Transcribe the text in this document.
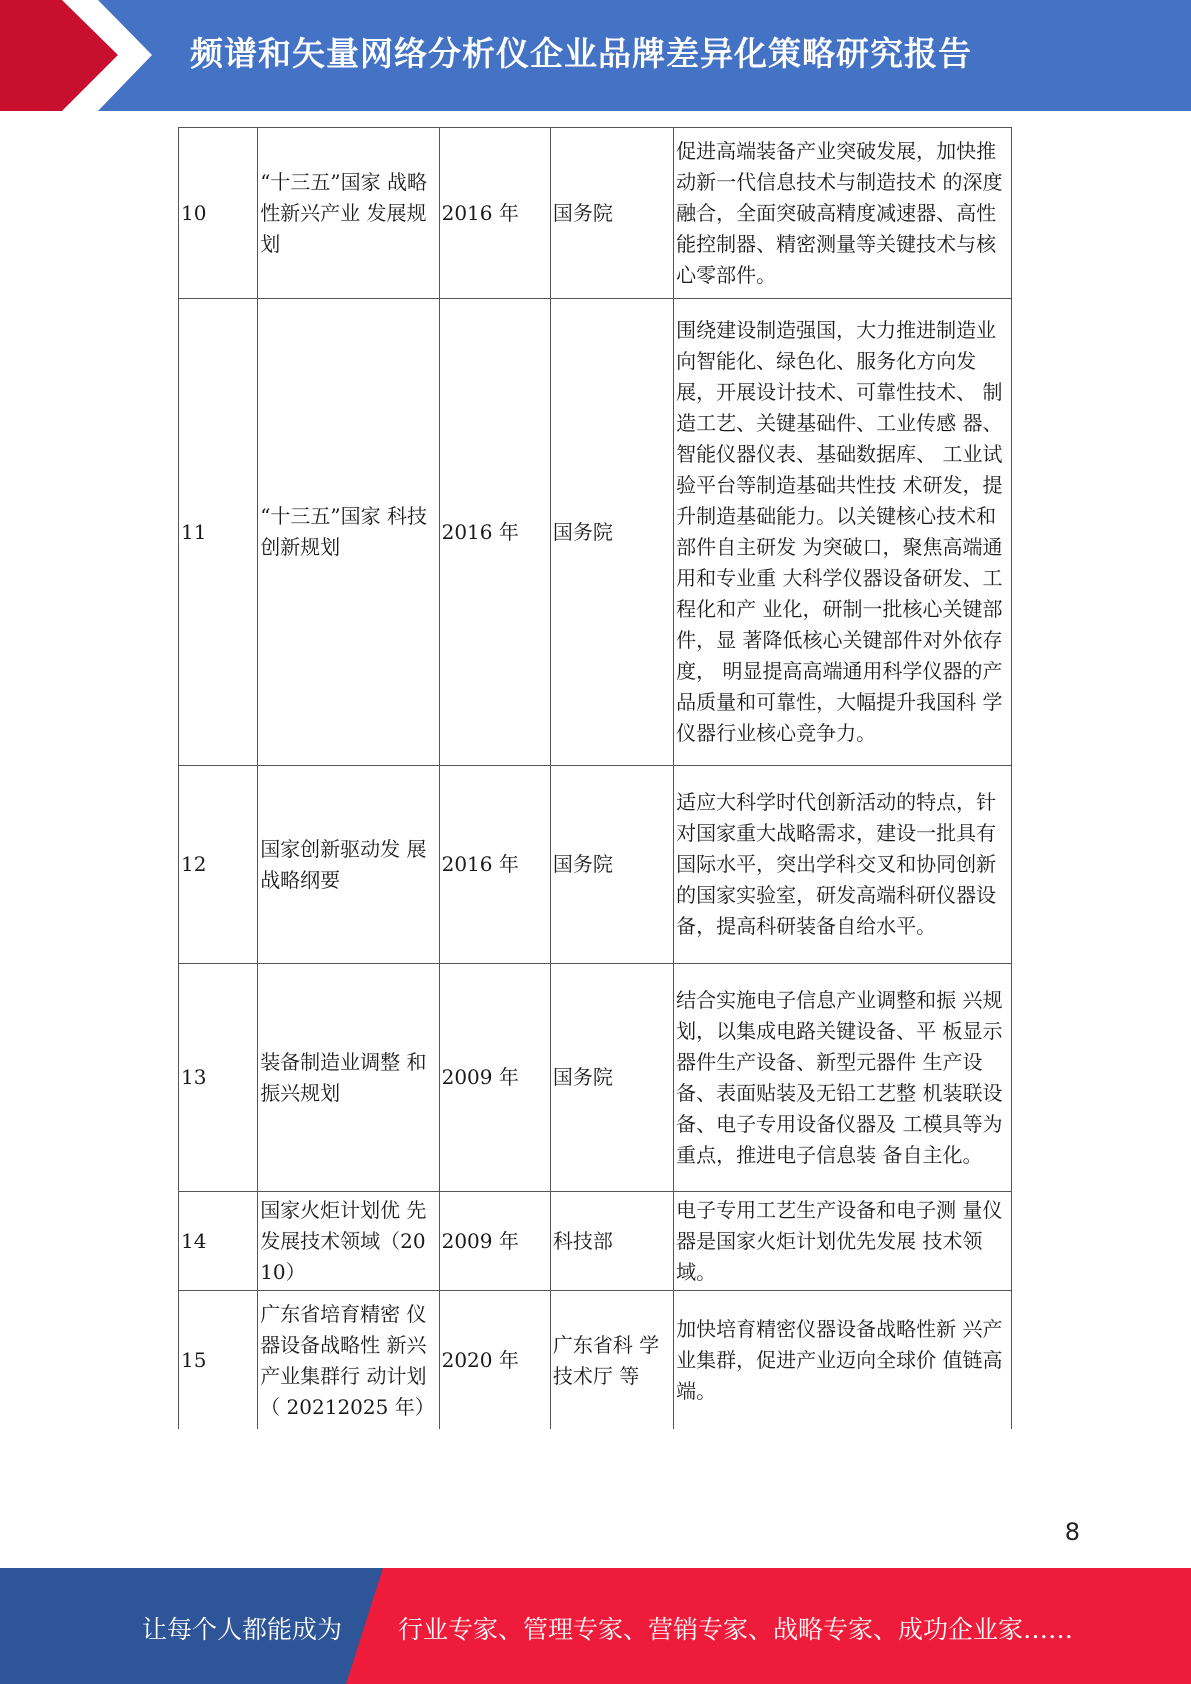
频谱和矢量网络分析仪企业品牌差异化策略研究报告
10	“十三五”国家 战略性新兴产业 发展规划	2016 年	国务院	促进高端装备产业突破发展，加快推动新一代信息技术与制造技术 的深度融合，全面突破高精度减速器、高性能控制器、精密测量等关键技术与核心零部件。
11	“十三五”国家 科技创新规划	2016 年	国务院	围绕建设制造强国，大力推进制造业向智能化、绿色化、服务化方向发展，开展设计技术、可靠性技术、 制造工艺、关键基础件、工业传感 器、智能仪器仪表、基础数据库、 工业试验平台等制造基础共性技 术研发，提升制造基础能力。以关键核心技术和部件自主研发 为突破口，聚焦高端通用和专业重 大科学仪器设备研发、工程化和产 业化，研制一批核心关键部件，显 著降低核心关键部件对外依存度， 明显提高高端通用科学仪器的产 品质量和可靠性，大幅提升我国科 学仪器行业核心竞争力。
12	国家创新驱动发 展战略纲要	2016 年	国务院	适应大科学时代创新活动的特点，针对国家重大战略需求，建设一批具有国际水平，突出学科交叉和协同创新的国家实验室，研发高端科研仪器设备，提高科研装备自给水平。
13	装备制造业调整 和振兴规划	2009 年	国务院	结合实施电子信息产业调整和振 兴规划，以集成电路关键设备、平 板显示器件生产设备、新型元器件 生产设备、表面贴装及无铅工艺整 机装联设备、电子专用设备仪器及 工模具等为重点，推进电子信息装 备自主化。
14	国家火炬计划优 先发展技术领域（2010）	2009 年	科技部	电子专用工艺生产设备和电子测 量仪器是国家火炬计划优先发展 技术领域。
15	广东省培育精密 仪器设备战略性 新兴产业集群行 动计划（ 20212025 年）	2020 年	广东省科 学技术厅 等	加快培育精密仪器设备战略性新 兴产业集群，促进产业迈向全球价 值链高端。
8
让每个人都能成为 行业专家、管理专家、营销专家、战略专家、成功企业家……
